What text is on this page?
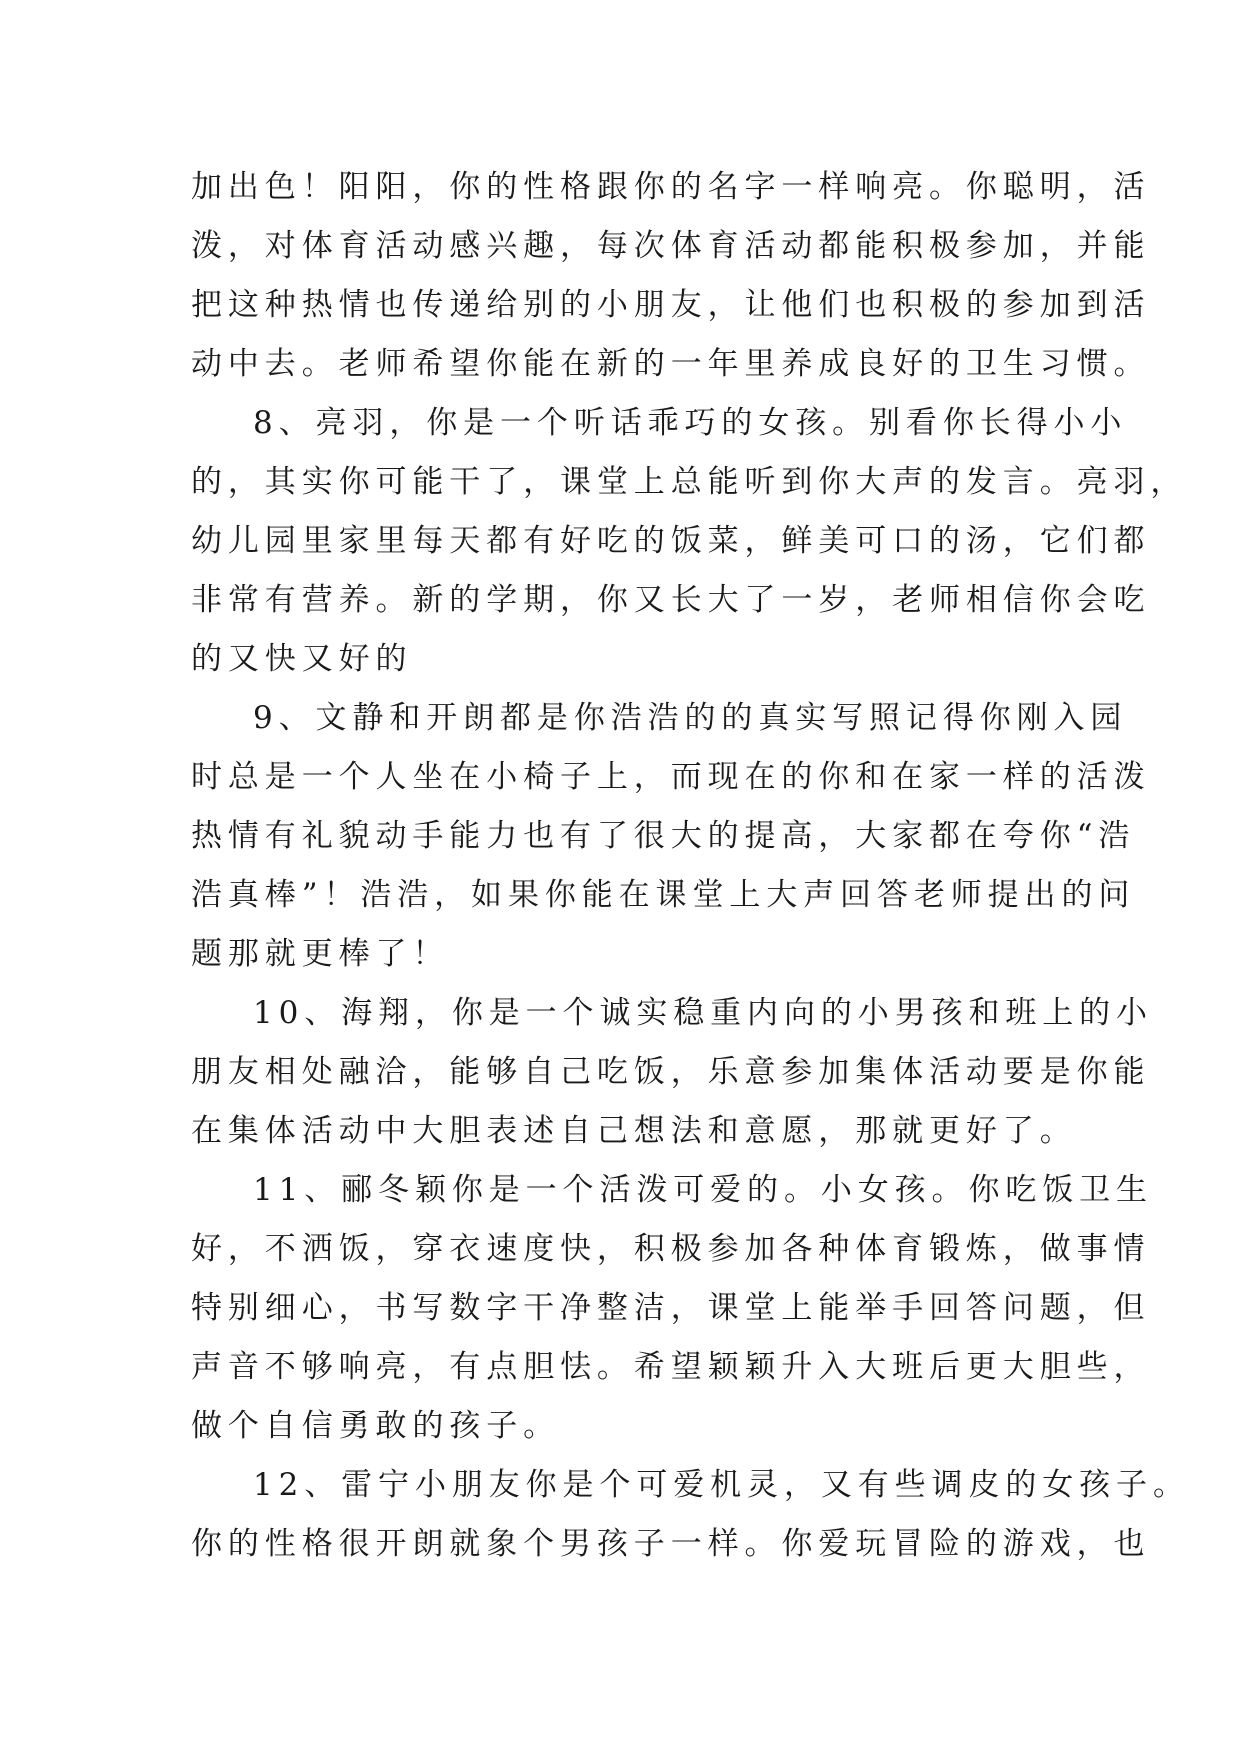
加出色！阳阳，你的性格跟你的名字一样响亮。你聪明，活
泼，对体育活动感兴趣，每次体育活动都能积极参加，并能
把这种热情也传递给别的小朋友，让他们也积极的参加到活
动中去。老师希望你能在新的一年里养成良好的卫生习惯。
8、亮羽，你是一个听话乖巧的女孩。别看你长得小小
的，其实你可能干了，课堂上总能听到你大声的发言。亮羽，
幼儿园里家里每天都有好吃的饭菜，鲜美可口的汤，它们都
非常有营养。新的学期，你又长大了一岁，老师相信你会吃
的又快又好的
9、文静和开朗都是你浩浩的的真实写照记得你刚入园
时总是一个人坐在小椅子上，而现在的你和在家一样的活泼
热情有礼貌动手能力也有了很大的提高，大家都在夸你“浩
浩真棒”！浩浩，如果你能在课堂上大声回答老师提出的问
题那就更棒了！
10、海翔，你是一个诚实稳重内向的小男孩和班上的小
朋友相处融洽，能够自己吃饭，乐意参加集体活动要是你能
在集体活动中大胆表述自己想法和意愿，那就更好了。
11、郦冬颖你是一个活泼可爱的。小女孩。你吃饭卫生
好，不洒饭，穿衣速度快，积极参加各种体育锻炼，做事情
特别细心，书写数字干净整洁，课堂上能举手回答问题，但
声音不够响亮，有点胆怯。希望颖颖升入大班后更大胆些，
做个自信勇敢的孩子。
12、雷宁小朋友你是个可爱机灵，又有些调皮的女孩子。
你的性格很开朗就象个男孩子一样。你爱玩冒险的游戏，也
